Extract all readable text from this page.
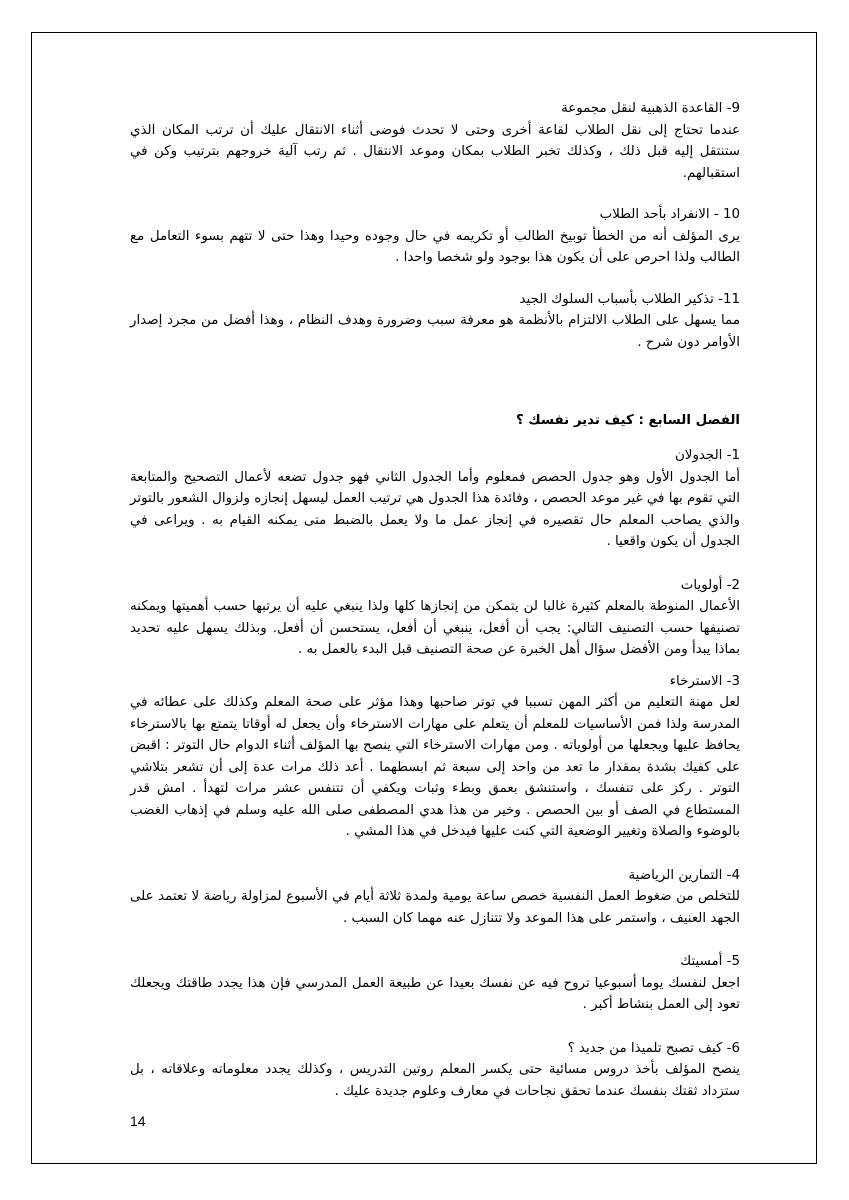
9- القاعدة الذهبية لنقل مجموعة

عندما تحتاج إلى نقل الطلاب لقاعة أخرى وحتى لا تحدث فوضى أثناء الانتقال عليك أن ترتب المكان الذي ستنتقل إليه قبل ذلك ، وكذلك تخبر الطلاب بمكان وموعد الانتقال . ثم رتب آلية خروجهم بترتيب وكن في استقبالهم.

10 - الانفراد بأحد الطلاب

يرى المؤلف أنه من الخطأ توبيخ الطالب أو تكريمه في حال وجوده وحيدا وهذا حتى لا تتهم بسوء التعامل مع الطالب ولذا احرص على أن يكون هذا بوجود ولو شخصا واحدا .

11- تذكير الطلاب بأسباب السلوك الجيد

مما يسهل على الطلاب الالتزام بالأنظمة هو معرفة سبب وضرورة وهدف النظام ، وهذا أفضل من مجرد إصدار الأوامر دون شرح .

الفصل السابع : كيف تدير نفسك ؟

1- الجدولان

أما الجدول الأول وهو جدول الحصص فمعلوم وأما الجدول الثاني فهو جدول تضعه لأعمال التصحيح والمتابعة التي تقوم بها في غير موعد الحصص ، وفائدة هذا الجدول هي ترتيب العمل ليسهل إنجازه ولزوال الشعور بالتوتر والذي يصاحب المعلم حال تقصيره في إنجاز عمل ما ولا يعمل بالضبط متى يمكنه القيام به . ويراعى في الجدول أن يكون واقعيا .

2- أولويات

الأعمال المنوطة بالمعلم كثيرة غالبا لن يتمكن من إنجازها كلها ولذا ينبغي عليه أن يرتبها حسب أهميتها ويمكنه تصنيفها حسب التصنيف التالي: يجب أن أفعل، ينبغي أن أفعل، يستحسن أن أفعل. وبذلك يسهل عليه تحديد بماذا يبدأ ومن الأفضل سؤال أهل الخبرة عن صحة التصنيف قبل البدء بالعمل به .

3- الاسترخاء

لعل مهنة التعليم من أكثر المهن تسببا في توتر صاحبها وهذا مؤثر على صحة المعلم وكذلك على عطائه في المدرسة ولذا فمن الأساسيات للمعلم أن يتعلم على مهارات الاسترخاء وأن يجعل له أوقاتا يتمتع بها بالاسترخاء يحافظ عليها ويجعلها من أولوياته . ومن مهارات الاسترخاء التي ينصح بها المؤلف أثناء الدوام حال التوتر : اقبض على كفيك بشدة بمقدار ما تعد من واحد إلى سبعة ثم ابسطهما . أعد ذلك مرات عدة إلى أن تشعر بتلاشي التوتر . ركز على تنفسك ، واستنشق بعمق وبطء وثبات ويكفي أن تتنفس عشر مرات لتهدأ . امش قدر المستطاع في الصف أو بين الحصص . وخير من هذا هدي المصطفى صلى الله عليه وسلم في إذهاب الغضب بالوضوء والصلاة وتغيير الوضعية التي كنت عليها فيدخل في هذا المشي .

4- التمارين الرياضية

للتخلص من ضغوط العمل النفسية خصص ساعة يومية ولمدة ثلاثة أيام في الأسبوع لمزاولة رياضة لا تعتمد على الجهد العنيف ، واستمر على هذا الموعد ولا تتنازل عنه مهما كان السبب .

5- أمسيتك

اجعل لنفسك يوما أسبوعيا تروح فيه عن نفسك بعيدا عن طبيعة العمل المدرسي فإن هذا يجدد طاقتك ويجعلك تعود إلى العمل بنشاط أكبر .

6- كيف تصبح تلميذا من جديد ؟

ينصح المؤلف بأخذ دروس مسائية حتى يكسر المعلم روتين التدريس ، وكذلك يجدد معلوماته وعلاقاته ، بل ستزداد ثقتك بنفسك عندما تحقق نجاحات في معارف وعلوم جديدة عليك .

14
